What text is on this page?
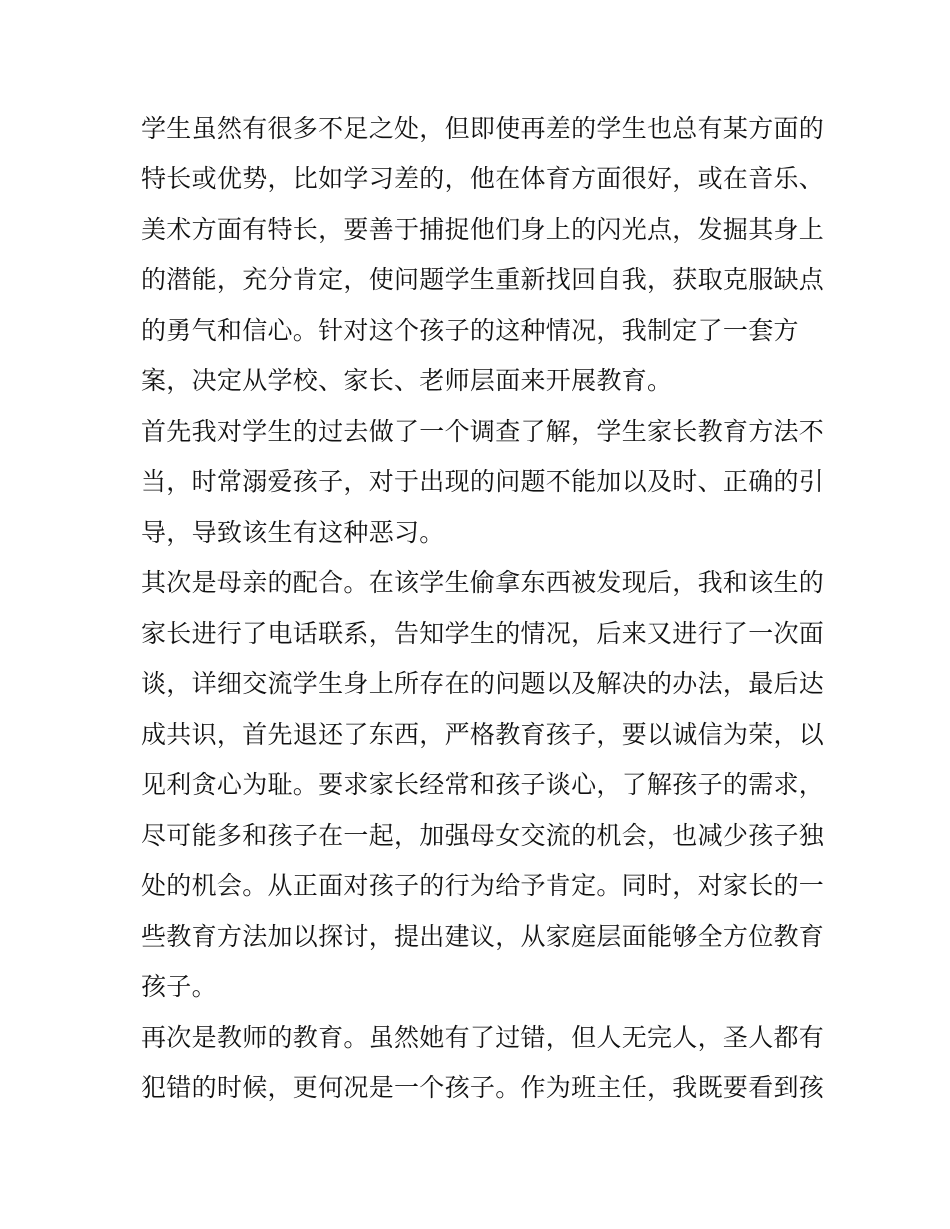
学生虽然有很多不足之处，但即使再差的学生也总有某方面的
特长或优势，比如学习差的，他在体育方面很好，或在音乐、
美术方面有特长，要善于捕捉他们身上的闪光点，发掘其身上
的潜能，充分肯定，使问题学生重新找回自我，获取克服缺点
的勇气和信心。针对这个孩子的这种情况，我制定了一套方
案，决定从学校、家长、老师层面来开展教育。
首先我对学生的过去做了一个调查了解，学生家长教育方法不
当，时常溺爱孩子，对于出现的问题不能加以及时、正确的引
导，导致该生有这种恶习。
其次是母亲的配合。在该学生偷拿东西被发现后，我和该生的
家长进行了电话联系，告知学生的情况，后来又进行了一次面
谈，详细交流学生身上所存在的问题以及解决的办法，最后达
成共识，首先退还了东西，严格教育孩子，要以诚信为荣，以
见利贪心为耻。要求家长经常和孩子谈心，了解孩子的需求，
尽可能多和孩子在一起，加强母女交流的机会，也减少孩子独
处的机会。从正面对孩子的行为给予肯定。同时，对家长的一
些教育方法加以探讨，提出建议，从家庭层面能够全方位教育
孩子。
再次是教师的教育。虽然她有了过错，但人无完人，圣人都有
犯错的时候，更何况是一个孩子。作为班主任，我既要看到孩
